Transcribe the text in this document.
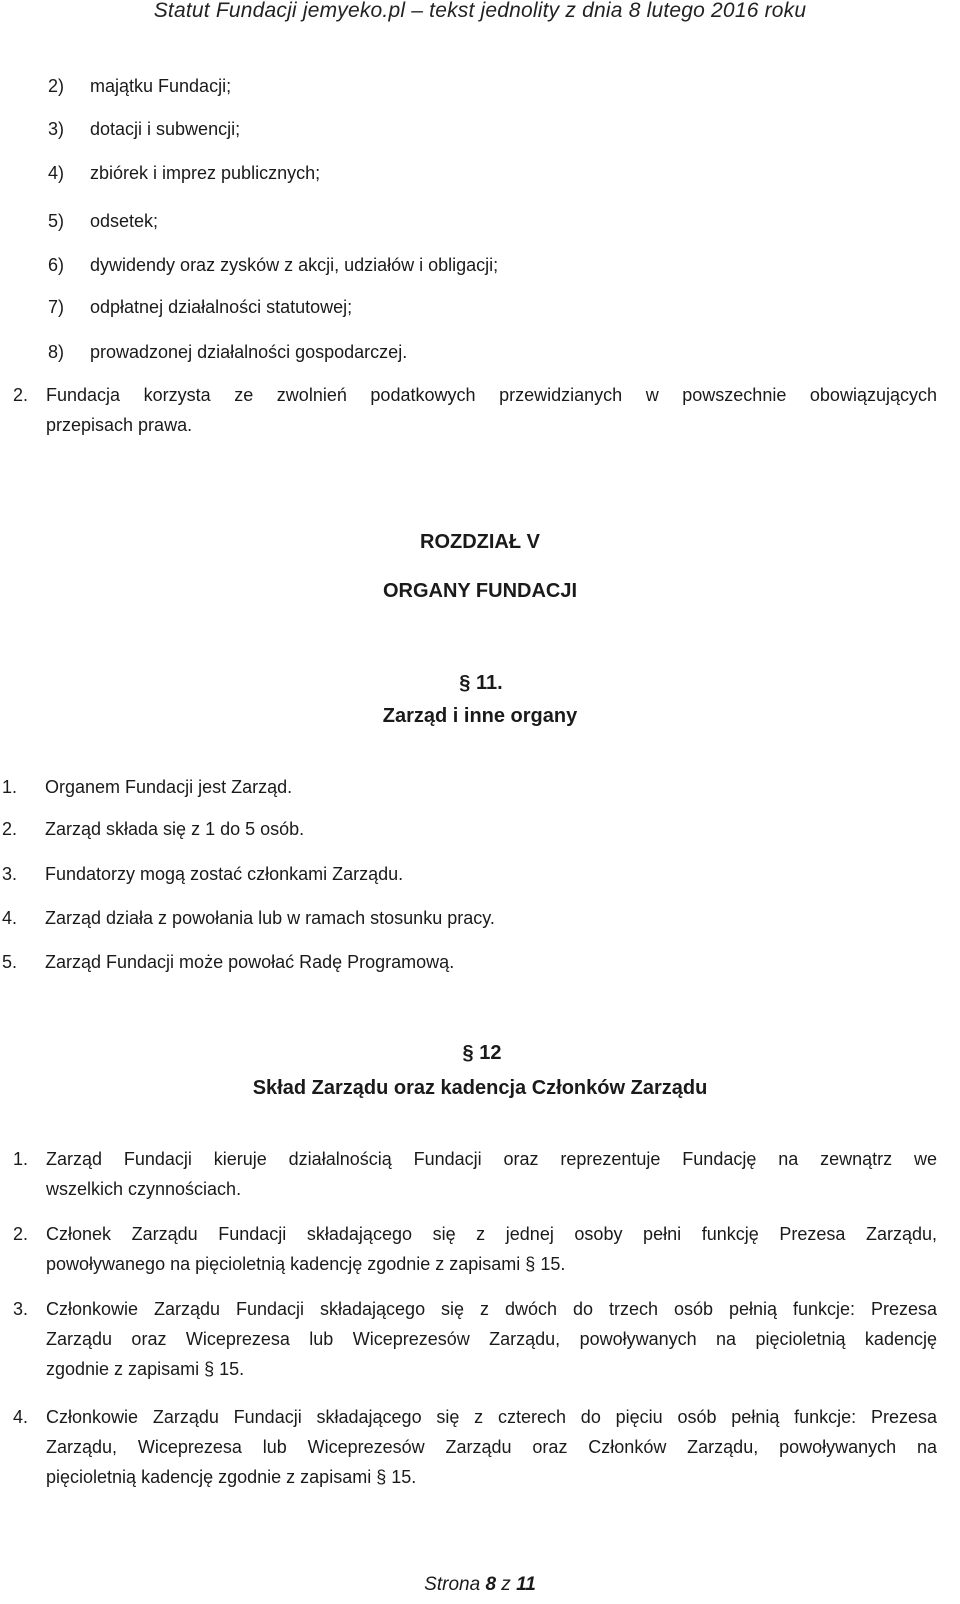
Statut Fundacji jemyeko.pl – tekst jednolity z dnia 8 lutego 2016 roku
2) majątku Fundacji;
3) dotacji i subwencji;
4) zbiórek i imprez publicznych;
5) odsetek;
6) dywidendy oraz zysków z akcji, udziałów i obligacji;
7) odpłatnej działalności statutowej;
8) prowadzonej działalności gospodarczej.
2. Fundacja korzysta ze zwolnień podatkowych przewidzianych w powszechnie obowiązujących
przepisach prawa.
ROZDZIAŁ V
ORGANY FUNDACJI
§ 11.
Zarząd i inne organy
1. Organem Fundacji jest Zarząd.
2. Zarząd składa się z 1 do 5 osób.
3. Fundatorzy mogą zostać członkami Zarządu.
4. Zarząd działa z powołania lub w ramach stosunku pracy.
5. Zarząd Fundacji może powołać Radę Programową.
§ 12
Skład Zarządu oraz kadencja Członków Zarządu
1. Zarząd Fundacji kieruje działalnością Fundacji oraz reprezentuje Fundację na zewnątrz we
wszelkich czynnościach.
2. Członek Zarządu Fundacji składającego się z jednej osoby pełni funkcję Prezesa Zarządu,
powoływanego na pięcioletnią kadencję zgodnie z zapisami § 15.
3. Członkowie Zarządu Fundacji składającego się z dwóch do trzech osób pełnią funkcje: Prezesa
Zarządu oraz Wiceprezesa lub Wiceprezesów Zarządu, powoływanych na pięcioletnią kadencję
zgodnie z zapisami § 15.
4. Członkowie Zarządu Fundacji składającego się z czterech do pięciu osób pełnią funkcje: Prezesa
Zarządu, Wiceprezesa lub Wiceprezesów Zarządu oraz Członków Zarządu, powoływanych na
pięcioletnią kadencję zgodnie z zapisami § 15.
Strona 8 z 11
